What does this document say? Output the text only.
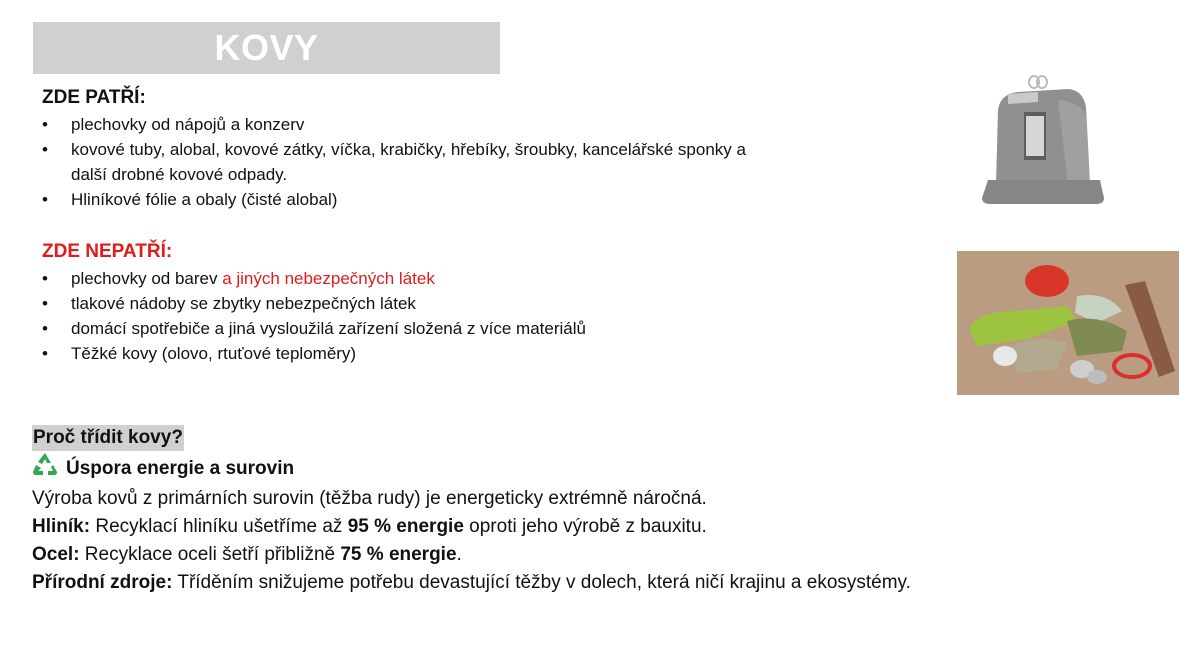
KOVY
ZDE PATŘÍ:
• plechovky od nápojů a konzerv
• kovové tuby, alobal, kovové zátky, víčka, krabičky, hřebíky, šroubky, kancelářské sponky a další drobné kovové odpady.
• Hliníkové fólie a obaly (čisté alobal)
ZDE NEPATŘÍ:
• plechovky od barev a jiných nebezpečných látek
• tlakové nádoby se zbytky nebezpečných látek
• domácí spotřebiče a jiná vysloužilá zařízení složená z více materiálů
• Těžké kovy (olovo, rtuťové teploměry)
Proč třídit kovy?
Úspora energie a surovin

Výroba kovů z primárních surovin (těžba rudy) je energeticky extrémně náročná.

Hliník: Recyklací hliníku ušetříme až 95 % energie oproti jeho výrobě z bauxitu.

Ocel: Recyklace oceli šetří přibližně 75 % energie.

Přírodní zdroje: Tříděním snižujeme potřebu devastující těžby v dolech, která ničí krajinu a ekosystémy.
